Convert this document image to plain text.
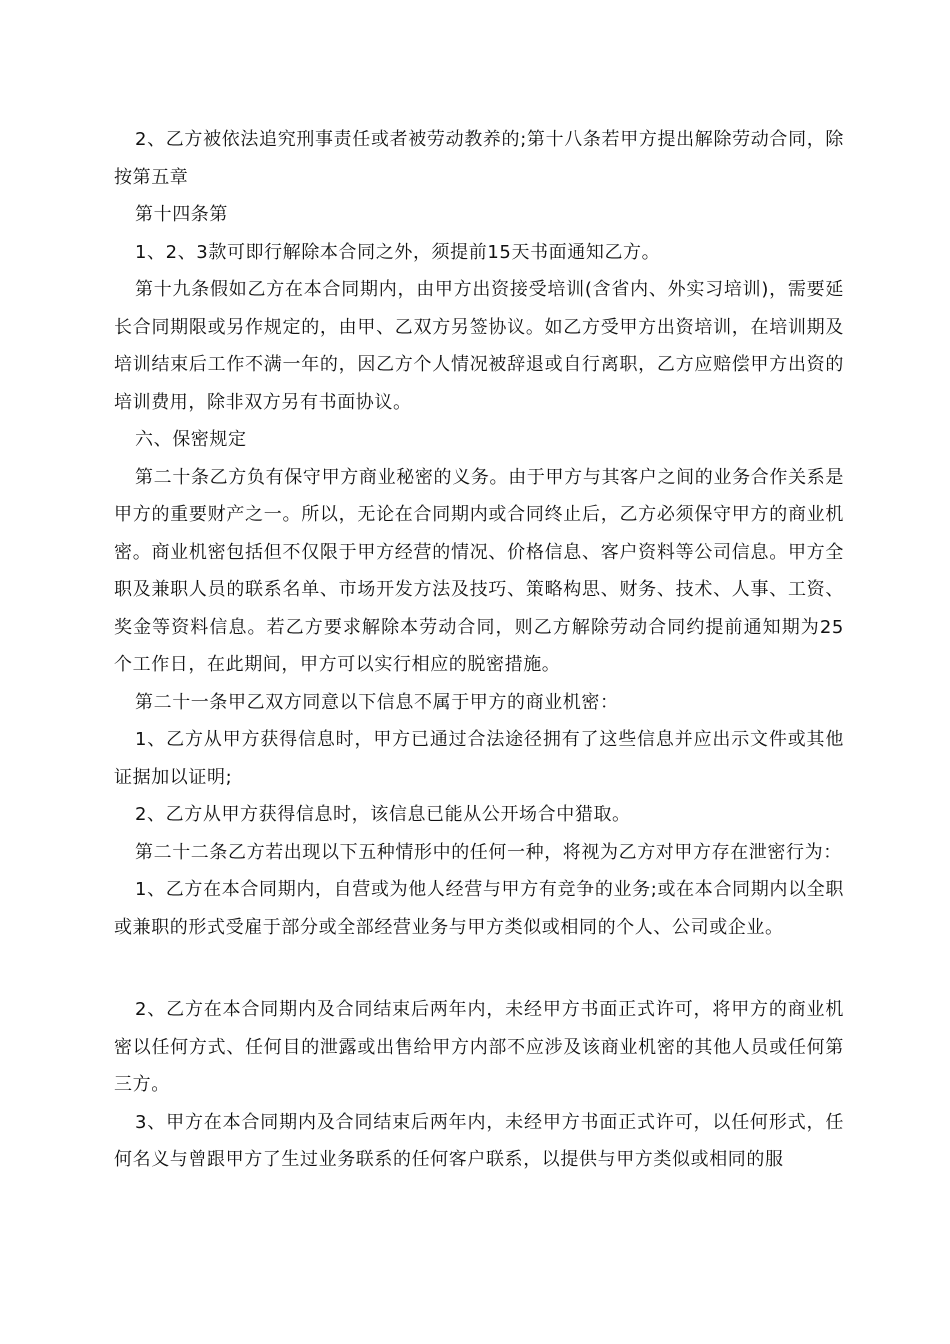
2、乙方被依法追究刑事责任或者被劳动教养的;第十八条若甲方提出解除劳动合同，除按第五章

第十四条第

1、2、3款可即行解除本合同之外，须提前15天书面通知乙方。

第十九条假如乙方在本合同期内，由甲方出资接受培训(含省内、外实习培训)，需要延长合同期限或另作规定的，由甲、乙双方另签协议。如乙方受甲方出资培训，在培训期及培训结束后工作不满一年的，因乙方个人情况被辞退或自行离职，乙方应赔偿甲方出资的培训费用，除非双方另有书面协议。

六、保密规定

第二十条乙方负有保守甲方商业秘密的义务。由于甲方与其客户之间的业务合作关系是甲方的重要财产之一。所以，无论在合同期内或合同终止后，乙方必须保守甲方的商业机密。商业机密包括但不仅限于甲方经营的情况、价格信息、客户资料等公司信息。甲方全职及兼职人员的联系名单、市场开发方法及技巧、策略构思、财务、技术、人事、工资、奖金等资料信息。若乙方要求解除本劳动合同，则乙方解除劳动合同约提前通知期为25个工作日，在此期间，甲方可以实行相应的脱密措施。

第二十一条甲乙双方同意以下信息不属于甲方的商业机密：

1、乙方从甲方获得信息时，甲方已通过合法途径拥有了这些信息并应出示文件或其他证据加以证明;

2、乙方从甲方获得信息时，该信息已能从公开场合中猎取。

第二十二条乙方若出现以下五种情形中的任何一种，将视为乙方对甲方存在泄密行为：

1、乙方在本合同期内，自营或为他人经营与甲方有竞争的业务;或在本合同期内以全职或兼职的形式受雇于部分或全部经营业务与甲方类似或相同的个人、公司或企业。

2、乙方在本合同期内及合同结束后两年内，未经甲方书面正式许可，将甲方的商业机密以任何方式、任何目的泄露或出售给甲方内部不应涉及该商业机密的其他人员或任何第三方。

3、甲方在本合同期内及合同结束后两年内，未经甲方书面正式许可，以任何形式，任何名义与曾跟甲方了生过业务联系的任何客户联系，以提供与甲方类似或相同的服
